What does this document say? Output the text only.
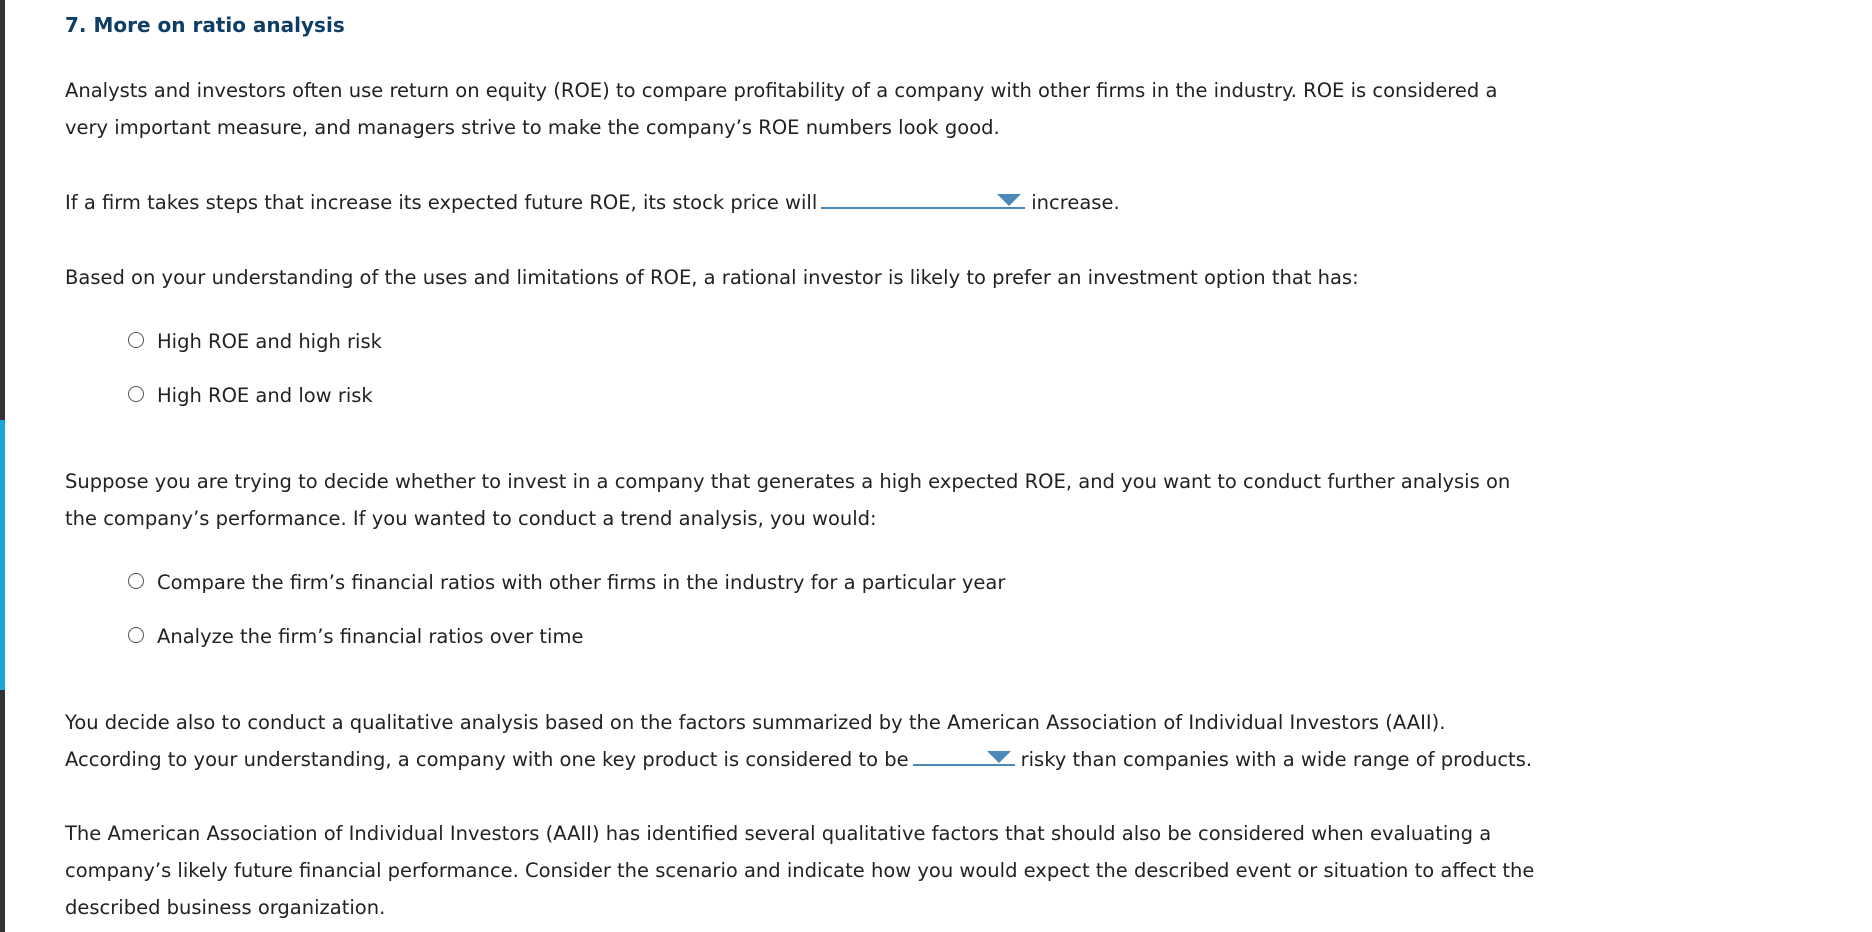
7. More on ratio analysis
Analysts and investors often use return on equity (ROE) to compare profitability of a company with other firms in the industry. ROE is considered a
very important measure, and managers strive to make the company’s ROE numbers look good.
If a firm takes steps that increase its expected future ROE, its stock price will	increase.
Based on your understanding of the uses and limitations of ROE, a rational investor is likely to prefer an investment option that has:
High ROE and high risk
High ROE and low risk
Suppose you are trying to decide whether to invest in a company that generates a high expected ROE, and you want to conduct further analysis on
the company’s performance. If you wanted to conduct a trend analysis, you would:
Compare the firm’s financial ratios with other firms in the industry for a particular year
Analyze the firm’s financial ratios over time
You decide also to conduct a qualitative analysis based on the factors summarized by the American Association of Individual Investors (AAII).
According to your understanding, a company with one key product is considered to be	risky than companies with a wide range of products.
The American Association of Individual Investors (AAII) has identified several qualitative factors that should also be considered when evaluating a
company’s likely future financial performance. Consider the scenario and indicate how you would expect the described event or situation to affect the
described business organization.
